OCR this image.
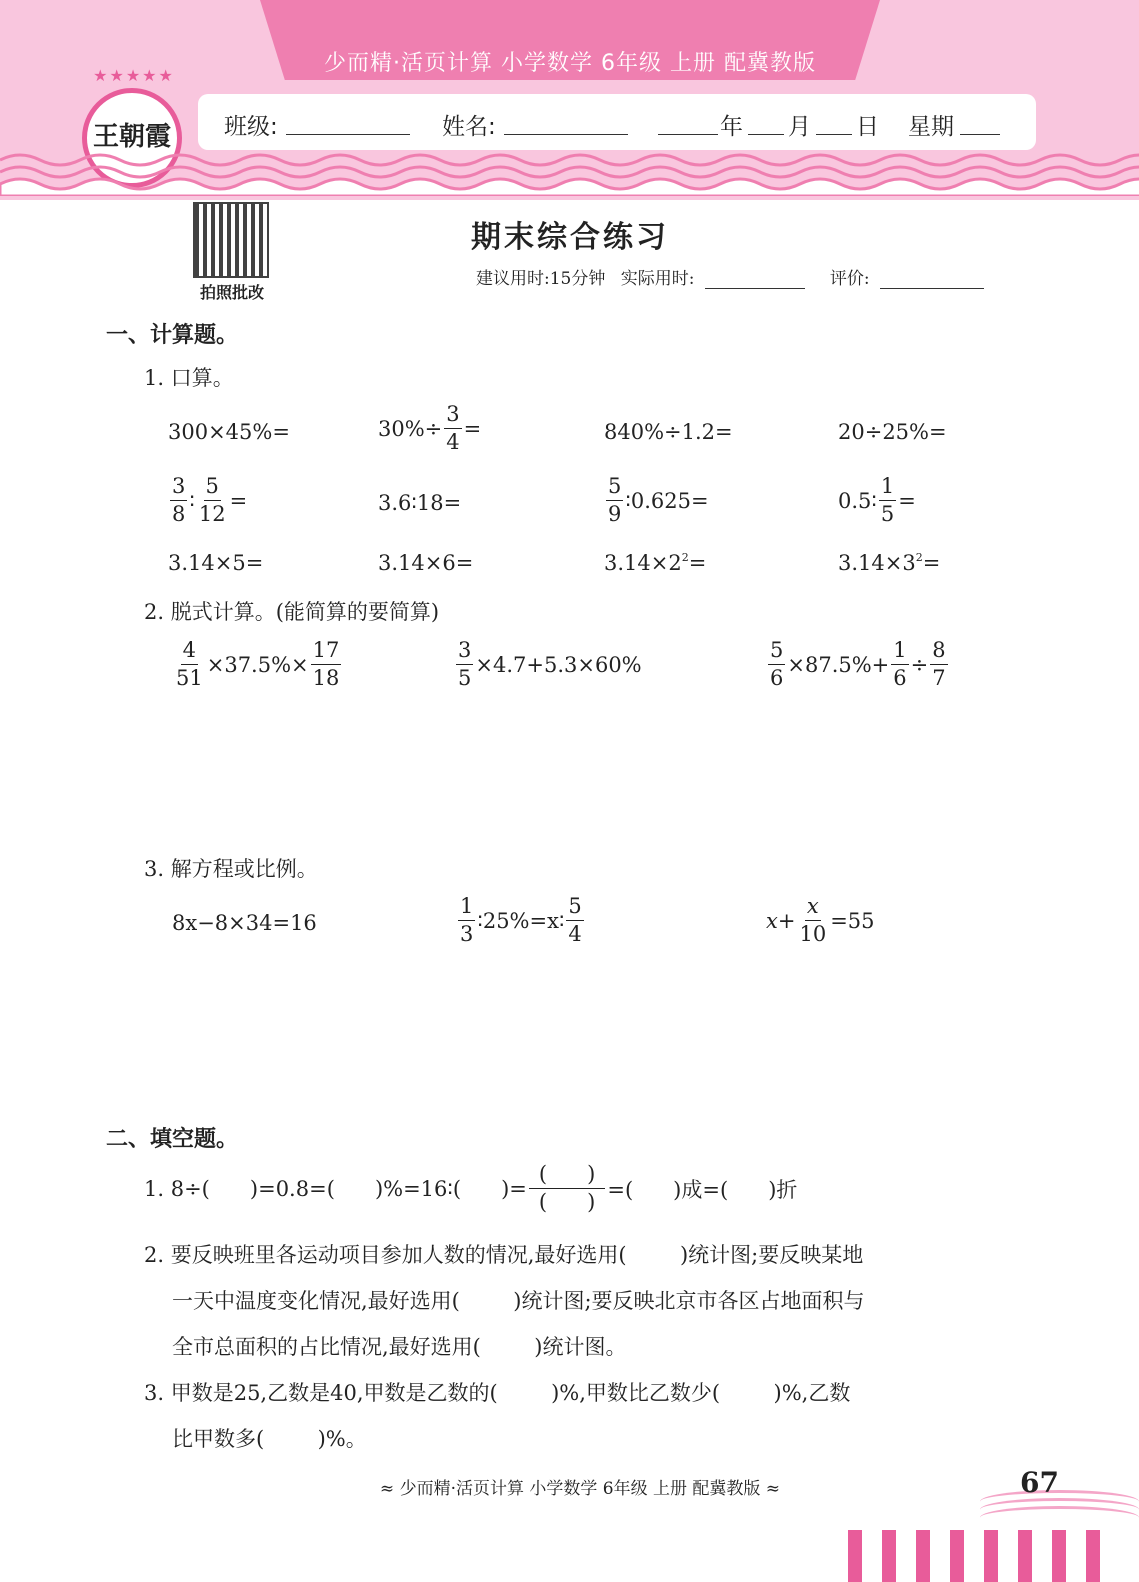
少而精·活页计算 小学数学 6年级 上册 配冀教版
★★★★★
王朝霞	班级:	姓名:	年 月 日 星期
拍照批改
期末综合练习
建议用时:15分钟 实际用时:	评价:
一、计算题。
1. 口算。
300×45%=	$30\%\div \frac{3}{4}$ =	840%÷1.2=	20÷25%=
$\frac{3}{8}$ ∶ $\frac{5}{12}$ =	3.6∶18=	$\frac{5}{9}$ ∶0.625=	0.5∶ $\frac{1}{5}$ =
3.14×5=	3.14×6=	$3.14\times 2^2$ =	$3.14\times 3^2$ =
2. 脱式计算。(能简算的要简算)
$\frac{4}{51} \times 37.5\%\times \frac{17}{18}$	$\frac{3}{5} \times 4.7+5.3\times 60\%$	$\frac{5}{6} \times 87.5\%+ \frac{1}{6} \div \frac{8}{7}$
3. 解方程或比例。
8x−8×34=16	$\frac{1}{3}$ ∶25%=x∶ $\frac{5}{4}$	$x+ \frac{x}{10} =55$
二、填空题。
1. 8÷(      )=0.8=(      )%=16∶(      )= $\frac{( )}{( )}$ =(      )成=(      )折
2. 要反映班里各运动项目参加人数的情况,最好选用(        )统计图;要反映某地
一天中温度变化情况,最好选用(        )统计图;要反映北京市各区占地面积与
全市总面积的占比情况,最好选用(        )统计图。
3. 甲数是25,乙数是40,甲数是乙数的(        )%,甲数比乙数少(        )%,乙数
比甲数多(        )%。
≈ 少而精·活页计算 小学数学 6年级 上册 配冀教版 ≈	67
